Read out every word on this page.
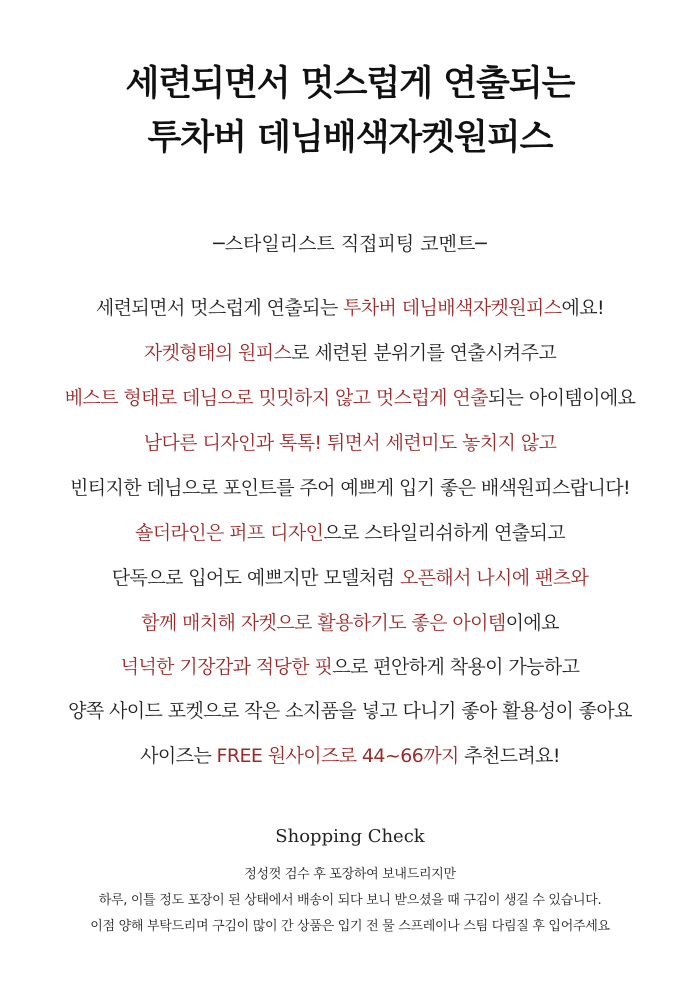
세련되면서 멋스럽게 연출되는
투차버 데님배색자켓원피스
─스타일리스트 직접피팅 코멘트─
세련되면서 멋스럽게 연출되는 투차버 데님배색자켓원피스에요!
자켓형태의 원피스로 세련된 분위기를 연출시켜주고
베스트 형태로 데님으로 밋밋하지 않고 멋스럽게 연출되는 아이템이에요
남다른 디자인과 톡톡! 튀면서 세련미도 놓치지 않고
빈티지한 데님으로 포인트를 주어 예쁘게 입기 좋은 배색원피스랍니다!
숄더라인은 퍼프 디자인으로 스타일리쉬하게 연출되고
단독으로 입어도 예쁘지만 모델처럼 오픈해서 나시에 팬츠와
함께 매치해 자켓으로 활용하기도 좋은 아이템이에요
넉넉한 기장감과 적당한 핏으로 편안하게 착용이 가능하고
양쪽 사이드 포켓으로 작은 소지품을 넣고 다니기 좋아 활용성이 좋아요
사이즈는 FREE 원사이즈로 44~66까지 추천드려요!
Shopping Check
정성껏 검수 후 포장하여 보내드리지만
하루, 이틀 정도 포장이 된 상태에서 배송이 되다 보니 받으셨을 때 구김이 생길 수 있습니다.
이점 양해 부탁드리며 구김이 많이 간 상품은 입기 전 물 스프레이나 스팀 다림질 후 입어주세요
